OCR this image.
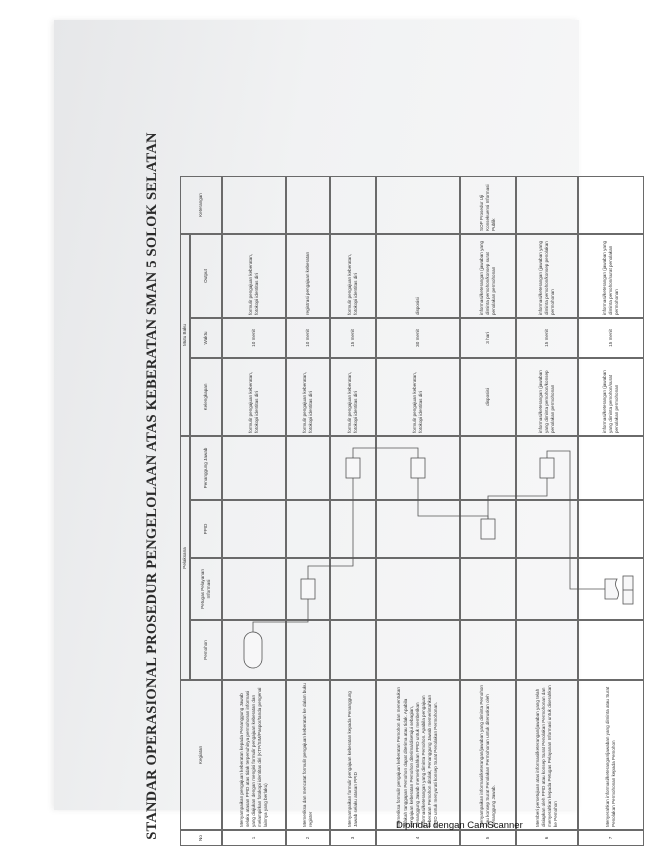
STANDAR OPERASIONAL PROSEDUR PENGELOLAAN ATAS KEBERATAN SMAN 5 SOLOK SELATAN	No
Kegiatan
Pelaksana
Pemohon
Petugas Pelayanan Informasi
PPID
Penanggung Jawab
Mutu Baku
Kelengkapan
Waktu
Output
Keterangan
1
Menyampaikan pengajuan keberatan kepada Penanggung Jawab selaku atasan PPID atas tidak terpenuhinya permohonan informasi yang diajukan dengan mengisi formulir pengajuan keberatan dan melampirkan fotokopi identitas diri (KTP/SIM/Paspor/tanda pengenal lainnya yang berlaku)
formulir pengajuan keberatan, fotokopi identitas diri
10 menit
formulir pengajuan keberatan, fotokopi identitas diri
2
Memeriksa dan mencatat formulir pengajuan keberatan ke dalam buku register
formulir pengajuan keberatan, fotokopi identitas diri
10 menit
registrasi pengajuan keberatan
3
Menyampaikan formulir pengajuan keberatan kepada Penanggung Jawab selaku atasan PPID
formulir pengajuan keberatan, fotokopi identitas diri
15 menit
formulir pengajuan keberatan, fotokopi identitas diri
4
Memeriksa formulir pengajuan keberatan Pemohon dan menentukan apakah tanggapan Pemohon dapat diterima atau tidak. Apabila pengajuan keberatan Pemohon diterima/disetujui sebagian, Penanggung Jawab memerintahkan PPID untuk memberikan informasi/keterangan yang diminta Pemohon. Apabila pengajuan keberatan Pemohon ditolak, Penanggung Jawab memerintahkan PPID untuk menyurati konsep Surat Penolakan Permohonan.
formulir pengajuan keberatan, fotokopi identitas diri
30 menit
disposisi
5
Menyampaikan informasi/keterangan/jawaban yang diminta Pemohon atau konsep Surat Penolakan Permohonan untuk diteruskan oleh Penanggung Jawab.
disposisi
3 hari
informasi/keterangan (jawaban yang diminta pemohon/konsep surat penolakan permohonan
SOP Prosedur Uji Konsekuensi Informasi Publik
6
Memberi persetujuan atas informasi/keterangan/jawaban yang telah disiapkan oleh PPID atau konsep Surat Penolakan Permohonan dan menyerahkan kepada Petugas Pelayanan Informasi untuk diserahkan ke Pemohon
informasi/keterangan (jawaban yang diminta pemohon/konsep penolakan permohonan
15 menit
informasi/keterangan (jawaban yang diminta pemohon/konsep penolakan permohonan
7
Menyerahkan informasi/keterangan/jawaban yang diminta atau Surat Penolakan Permohonan kepada Pemohon
informasi/keterangan (jawaban yang diminta pemohon/surat penolakan permohonan
15 menit
informasi/keterangan (jawaban yang diminta pemohon/surat penolakan permohonan
Dipindai dengan CamScanner
